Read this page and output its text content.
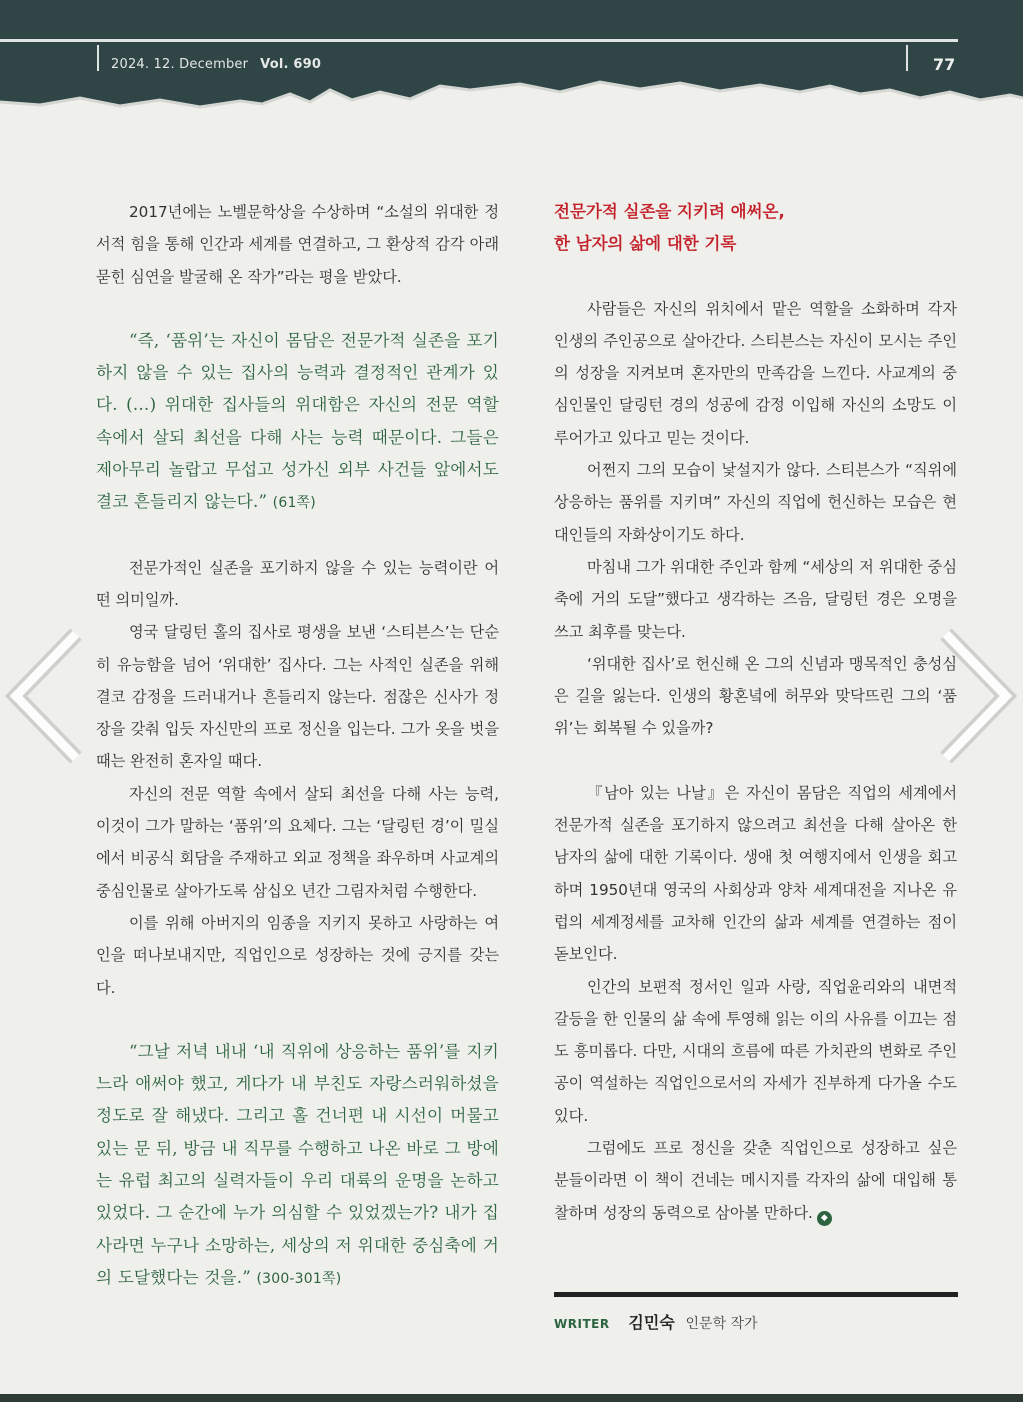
2024. 12. December Vol. 690	77

2017년에는 노벨문학상을 수상하며 “소설의 위대한 정서적 힘을 통해 인간과 세계를 연결하고, 그 환상적 감각 아래 묻힌 심연을 발굴해 온 작가”라는 평을 받았다.

“즉, ‘품위’는 자신이 몸담은 전문가적 실존을 포기하지 않을 수 있는 집사의 능력과 결정적인 관계가 있다. (…) 위대한 집사들의 위대함은 자신의 전문 역할 속에서 살되 최선을 다해 사는 능력 때문이다. 그들은 제아무리 놀랍고 무섭고 성가신 외부 사건들 앞에서도 결코 흔들리지 않는다.” (61쪽)

전문가적인 실존을 포기하지 않을 수 있는 능력이란 어떤 의미일까.

영국 달링턴 홀의 집사로 평생을 보낸 ‘스티븐스’는 단순히 유능함을 넘어 ‘위대한’ 집사다. 그는 사적인 실존을 위해 결코 감정을 드러내거나 흔들리지 않는다. 점잖은 신사가 정장을 갖춰 입듯 자신만의 프로 정신을 입는다. 그가 옷을 벗을 때는 완전히 혼자일 때다.

자신의 전문 역할 속에서 살되 최선을 다해 사는 능력, 이것이 그가 말하는 ‘품위’의 요체다. 그는 ‘달링턴 경’이 밀실에서 비공식 회담을 주재하고 외교 정책을 좌우하며 사교계의 중심인물로 살아가도록 삼십오 년간 그림자처럼 수행한다.

이를 위해 아버지의 임종을 지키지 못하고 사랑하는 여인을 떠나보내지만, 직업인으로 성장하는 것에 긍지를 갖는다.

“그날 저녁 내내 ‘내 직위에 상응하는 품위’를 지키느라 애써야 했고, 게다가 내 부친도 자랑스러워하셨을 정도로 잘 해냈다. 그리고 홀 건너편 내 시선이 머물고 있는 문 뒤, 방금 내 직무를 수행하고 나온 바로 그 방에는 유럽 최고의 실력자들이 우리 대륙의 운명을 논하고 있었다. 그 순간에 누가 의심할 수 있었겠는가? 내가 집사라면 누구나 소망하는, 세상의 저 위대한 중심축에 거의 도달했다는 것을.” (300-301쪽)

전문가적 실존을 지키려 애써온,
한 남자의 삶에 대한 기록

사람들은 자신의 위치에서 맡은 역할을 소화하며 각자 인생의 주인공으로 살아간다. 스티븐스는 자신이 모시는 주인의 성장을 지켜보며 혼자만의 만족감을 느낀다. 사교계의 중심인물인 달링턴 경의 성공에 감정 이입해 자신의 소망도 이루어가고 있다고 믿는 것이다.

어쩐지 그의 모습이 낯설지가 않다. 스티븐스가 “직위에 상응하는 품위를 지키며” 자신의 직업에 헌신하는 모습은 현대인들의 자화상이기도 하다.

마침내 그가 위대한 주인과 함께 “세상의 저 위대한 중심축에 거의 도달”했다고 생각하는 즈음, 달링턴 경은 오명을 쓰고 최후를 맞는다.

‘위대한 집사’로 헌신해 온 그의 신념과 맹목적인 충성심은 길을 잃는다. 인생의 황혼녘에 허무와 맞닥뜨린 그의 ‘품위’는 회복될 수 있을까?

『남아 있는 나날』은 자신이 몸담은 직업의 세계에서 전문가적 실존을 포기하지 않으려고 최선을 다해 살아온 한 남자의 삶에 대한 기록이다. 생애 첫 여행지에서 인생을 회고하며 1950년대 영국의 사회상과 양차 세계대전을 지나온 유럽의 세계정세를 교차해 인간의 삶과 세계를 연결하는 점이 돋보인다.

인간의 보편적 정서인 일과 사랑, 직업윤리와의 내면적 갈등을 한 인물의 삶 속에 투영해 읽는 이의 사유를 이끄는 점도 흥미롭다. 다만, 시대의 흐름에 따른 가치관의 변화로 주인공이 역설하는 직업인으로서의 자세가 진부하게 다가올 수도 있다.

그럼에도 프로 정신을 갖춘 직업인으로 성장하고 싶은 분들이라면 이 책이 건네는 메시지를 각자의 삶에 대입해 통찰하며 성장의 동력으로 삼아볼 만하다. ◆

WRITER 김민숙 인문학 작가
